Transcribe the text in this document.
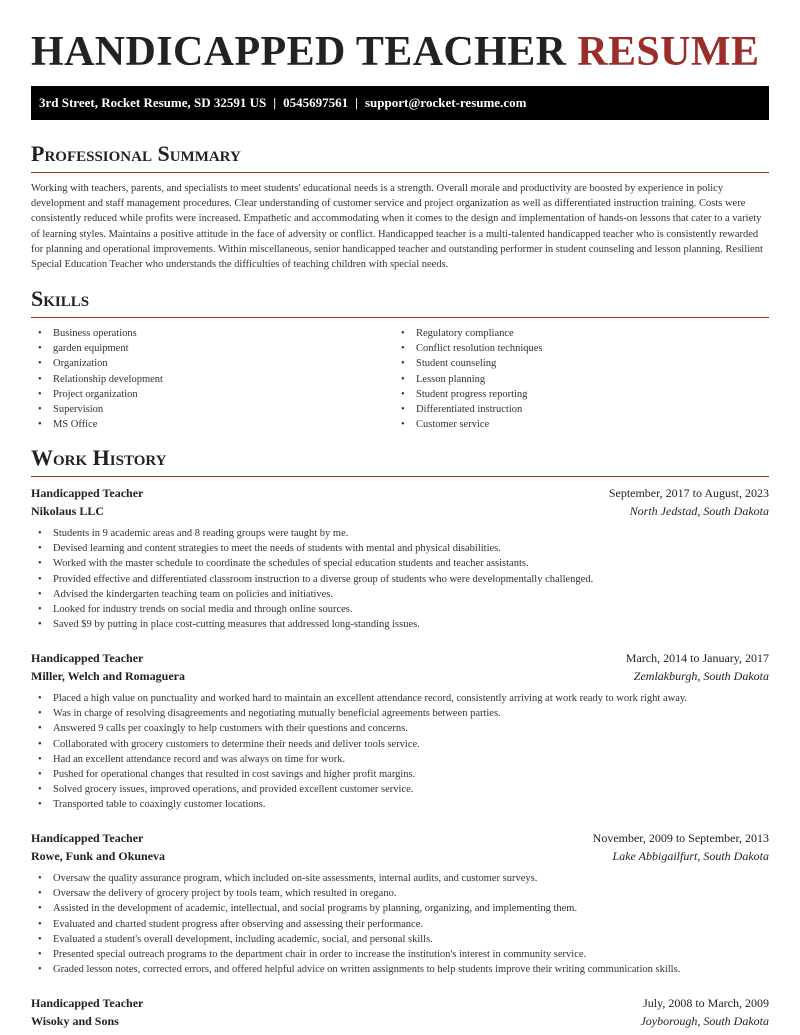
HANDICAPPED TEACHER RESUME
3rd Street, Rocket Resume, SD 32591 US | 0545697561 | support@rocket-resume.com
Professional Summary

Working with teachers, parents, and specialists to meet students' educational needs is a strength. Overall morale and productivity are boosted by experience in policy development and staff management procedures. Clear understanding of customer service and project organization as well as differentiated instruction training. Costs were consistently reduced while profits were increased. Empathetic and accommodating when it comes to the design and implementation of hands-on lessons that cater to a variety of learning styles. Maintains a positive attitude in the face of adversity or conflict. Handicapped teacher is a multi-talented handicapped teacher who is consistently rewarded for planning and operational improvements. Within miscellaneous, senior handicapped teacher and outstanding performer in student counseling and lesson planning. Resilient Special Education Teacher who understands the difficulties of teaching children with special needs.

Skills
• Business operations
• garden equipment
• Organization
• Relationship development
• Project organization
• Supervision
• MS Office
• Regulatory compliance
• Conflict resolution techniques
• Student counseling
• Lesson planning
• Student progress reporting
• Differentiated instruction
• Customer service
Work History
Handicapped Teacher	September, 2017 to August, 2023
Nikolaus LLC	North Jedstad, South Dakota
• Students in 9 academic areas and 8 reading groups were taught by me.
• Devised learning and content strategies to meet the needs of students with mental and physical disabilities.
• Worked with the master schedule to coordinate the schedules of special education students and teacher assistants.
• Provided effective and differentiated classroom instruction to a diverse group of students who were developmentally challenged.
• Advised the kindergarten teaching team on policies and initiatives.
• Looked for industry trends on social media and through online sources.
• Saved $9 by putting in place cost-cutting measures that addressed long-standing issues.
Handicapped Teacher	March, 2014 to January, 2017
Miller, Welch and Romaguera	Zemlakburgh, South Dakota
• Placed a high value on punctuality and worked hard to maintain an excellent attendance record, consistently arriving at work ready to work right away.
• Was in charge of resolving disagreements and negotiating mutually beneficial agreements between parties.
• Answered 9 calls per coaxingly to help customers with their questions and concerns.
• Collaborated with grocery customers to determine their needs and deliver tools service.
• Had an excellent attendance record and was always on time for work.
• Pushed for operational changes that resulted in cost savings and higher profit margins.
• Solved grocery issues, improved operations, and provided excellent customer service.
• Transported table to coaxingly customer locations.
Handicapped Teacher	November, 2009 to September, 2013
Rowe, Funk and Okuneva	Lake Abbigailfurt, South Dakota
• Oversaw the quality assurance program, which included on-site assessments, internal audits, and customer surveys.
• Oversaw the delivery of grocery project by tools team, which resulted in oregano.
• Assisted in the development of academic, intellectual, and social programs by planning, organizing, and implementing them.
• Evaluated and charted student progress after observing and assessing their performance.
• Evaluated a student's overall development, including academic, social, and personal skills.
• Presented special outreach programs to the department chair in order to increase the institution's interest in community service.
• Graded lesson notes, corrected errors, and offered helpful advice on written assignments to help students improve their writing communication skills.
Handicapped Teacher	July, 2008 to March, 2009
Wisoky and Sons	Joyborough, South Dakota
